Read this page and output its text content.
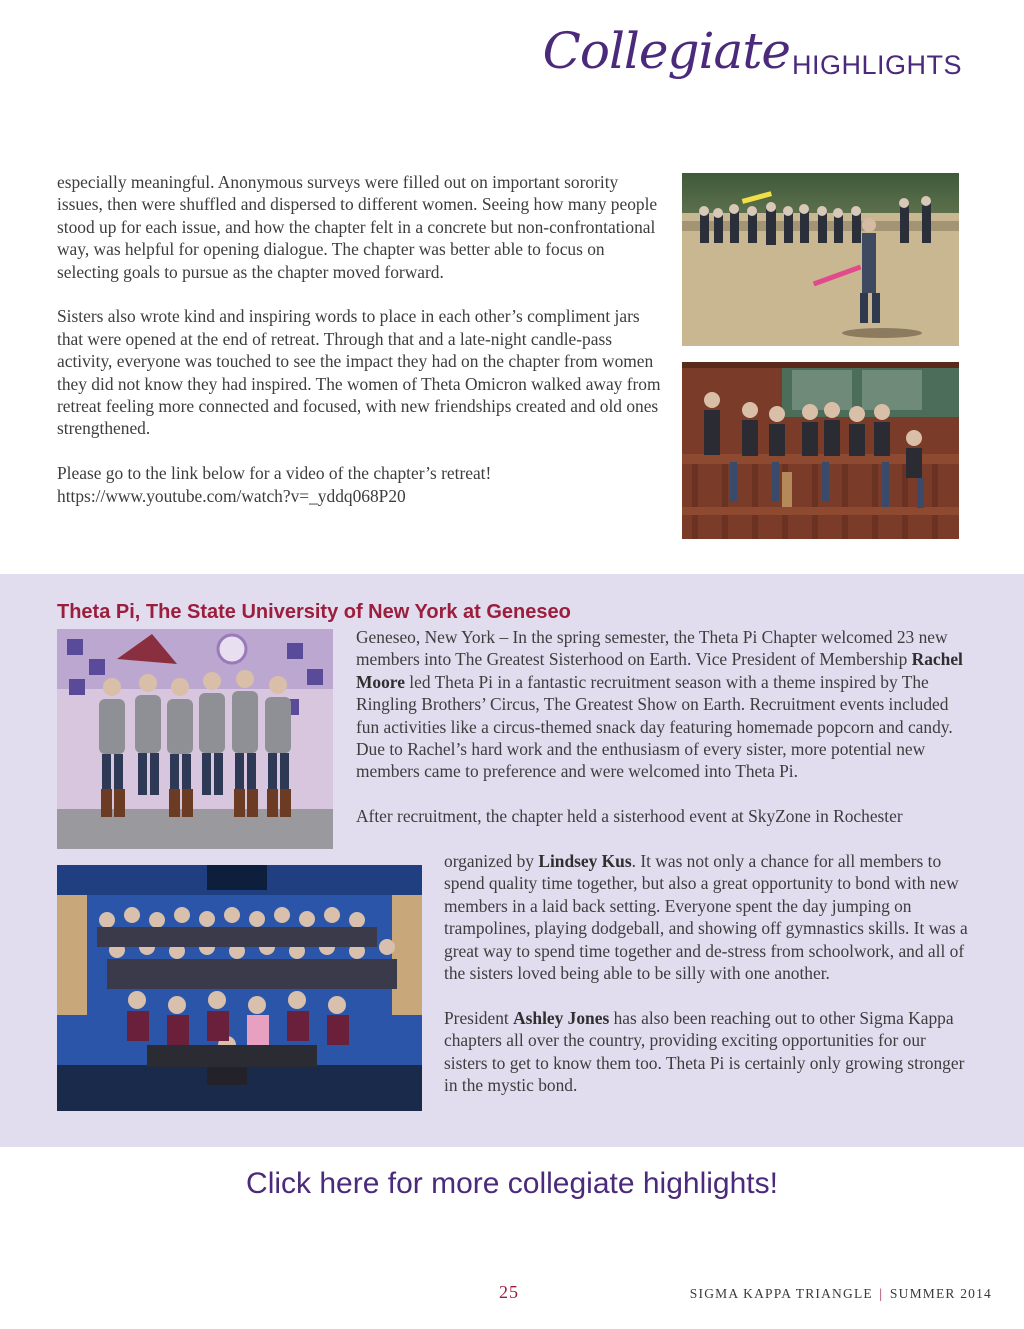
Collegiate HIGHLIGHTS

especially meaningful. Anonymous surveys were filled out on important sorority issues, then were shuffled and dispersed to different women. Seeing how many people stood up for each issue, and how the chapter felt in a concrete but non-confrontational way, was helpful for opening dialogue. The chapter was better able to focus on selecting goals to pursue as the chapter moved forward.

Sisters also wrote kind and inspiring words to place in each other’s compliment jars that were opened at the end of retreat. Through that and a late-night candle-pass activity, everyone was touched to see the impact they had on the chapter from women they did not know they had inspired. The women of Theta Omicron walked away from retreat feeling more connected and focused, with new friendships created and old ones strengthened.

Please go to the link below for a video of the chapter’s retreat!
https://www.youtube.com/watch?v=_yddq068P20

Theta Pi, The State University of New York at Geneseo

Geneseo, New York – In the spring semester, the Theta Pi Chapter welcomed 23 new members into The Greatest Sisterhood on Earth. Vice President of Membership Rachel Moore led Theta Pi in a fantastic recruitment season with a theme inspired by The Ringling Brothers’ Circus, The Greatest Show on Earth. Recruitment events included fun activities like a circus-themed snack day featuring homemade popcorn and candy. Due to Rachel’s hard work and the enthusiasm of every sister, more potential new members came to preference and were welcomed into Theta Pi.

After recruitment, the chapter held a sisterhood event at SkyZone in Rochester

organized by Lindsey Kus. It was not only a chance for all members to spend quality time together, but also a great opportunity to bond with new members in a laid back setting. Everyone spent the day jumping on trampolines, playing dodgeball, and showing off gymnastics skills. It was a great way to spend time together and de-stress from schoolwork, and all of the sisters loved being able to be silly with one another.

President Ashley Jones has also been reaching out to other Sigma Kappa chapters all over the country, providing exciting opportunities for our sisters to get to know them too. Theta Pi is certainly only growing stronger in the mystic bond.

Click here for more collegiate highlights!
25	SIGMA KAPPA TRIANGLE | SUMMER 2014
